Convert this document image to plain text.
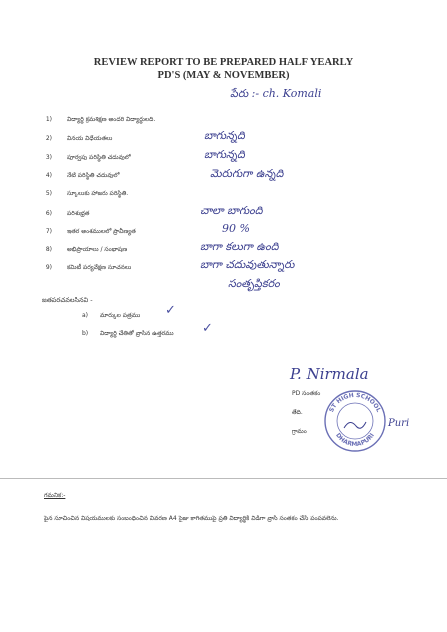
REVIEW REPORT TO BE PREPARED HALF YEARLY
PD'S (MAY & NOVEMBER)
పేరు :- ch. Komali
1)	విద్యార్థి క్రమశిక్షణ అందరి విద్యార్థులది.
2)	వినయ విధేయతలు	బాగున్నది
3)	పూర్వపు పరిస్థితి చదువులో	బాగున్నది
4)	నేటి పరిస్థితి చదువులో	మెరుగుగా ఉన్నది
5)	స్కూలుకు హాజరు పరిస్థితి.
6)	పరిశుభ్రత	చాలా బాగుంది
7)	ఇతర అంశములలో ప్రావీణ్యత	90 %
8)	అభిప్రాయాలు / సంభాషణ	బాగా కలుగా ఉంది
9)	కమిటీ పర్యవేక్షణ సూచనలు	బాగా చదువుతున్నారు
సంతృప్తికరం
జతపరచవలసినవి -
a) మార్కుల పత్రము ✓
b) విద్యార్థి చేతితో వ్రాసిన ఉత్తరము ✓
P. Nirmala
PD సంతకం
తేది.
గ్రామం
Puri
ST HIGH SCHOOL
DHARMAPURI
గమనిక:-
పైన సూచించిన విషయములకు సంబంధించిన వివరణ A4 సైజు కాగితముపై ప్రతి విద్యార్థికి విడిగా వ్రాసి సంతకం చేసి పంపవలెను.
